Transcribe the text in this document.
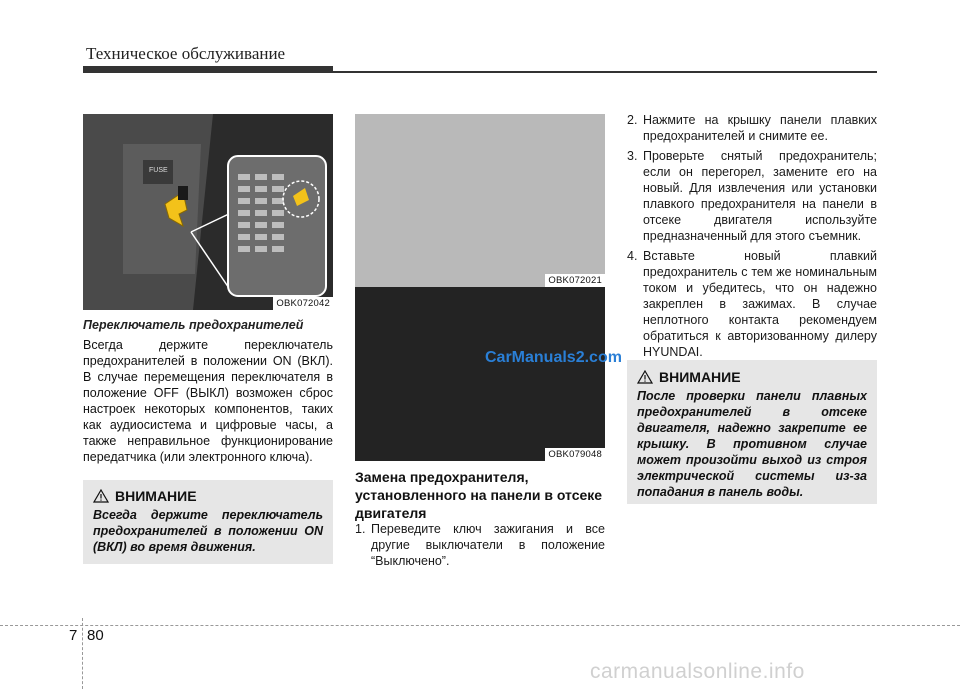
Техническое обслуживание
FUSE
OBK072042
Переключатель предохранителей
Всегда держите переключатель предохранителей в положении ON (ВКЛ). В случае перемещения переключателя в положение OFF (ВЫКЛ) возможен сброс настроек некоторых компонентов, таких как аудиосистема и цифровые часы, а также неправильное функционирование передатчика (или электронного ключа).
ВНИМАНИЕ
Всегда держите переключатель предохранителей в положении ON (ВКЛ) во время движения.
OBK072021
OBK079048
CarManuals2.com
Замена предохранителя, установленного на панели в отсеке двигателя
1. Переведите ключ зажигания и все другие выключатели в положение “Выключено”.
2. Нажмите на крышку панели плавких предохранителей и снимите ее.
3. Проверьте снятый предохранитель; если он перегорел, замените его на новый. Для извлечения или установки плавкого предохранителя на панели в отсеке двигателя используйте предназначенный для этого съемник.
4. Вставьте новый плавкий предохранитель с тем же номинальным током и убедитесь, что он надежно закреплен в зажимах. В случае неплотного контакта рекомендуем обратиться к авторизованному дилеру HYUNDAI.
ВНИМАНИЕ
После проверки панели плавных предохранителей в отсеке двигателя, надежно закрепите ее крышку. В противном случае может произойти выход из строя электрической системы из-за попадания в панель воды.
7 80
carmanualsonline.info
